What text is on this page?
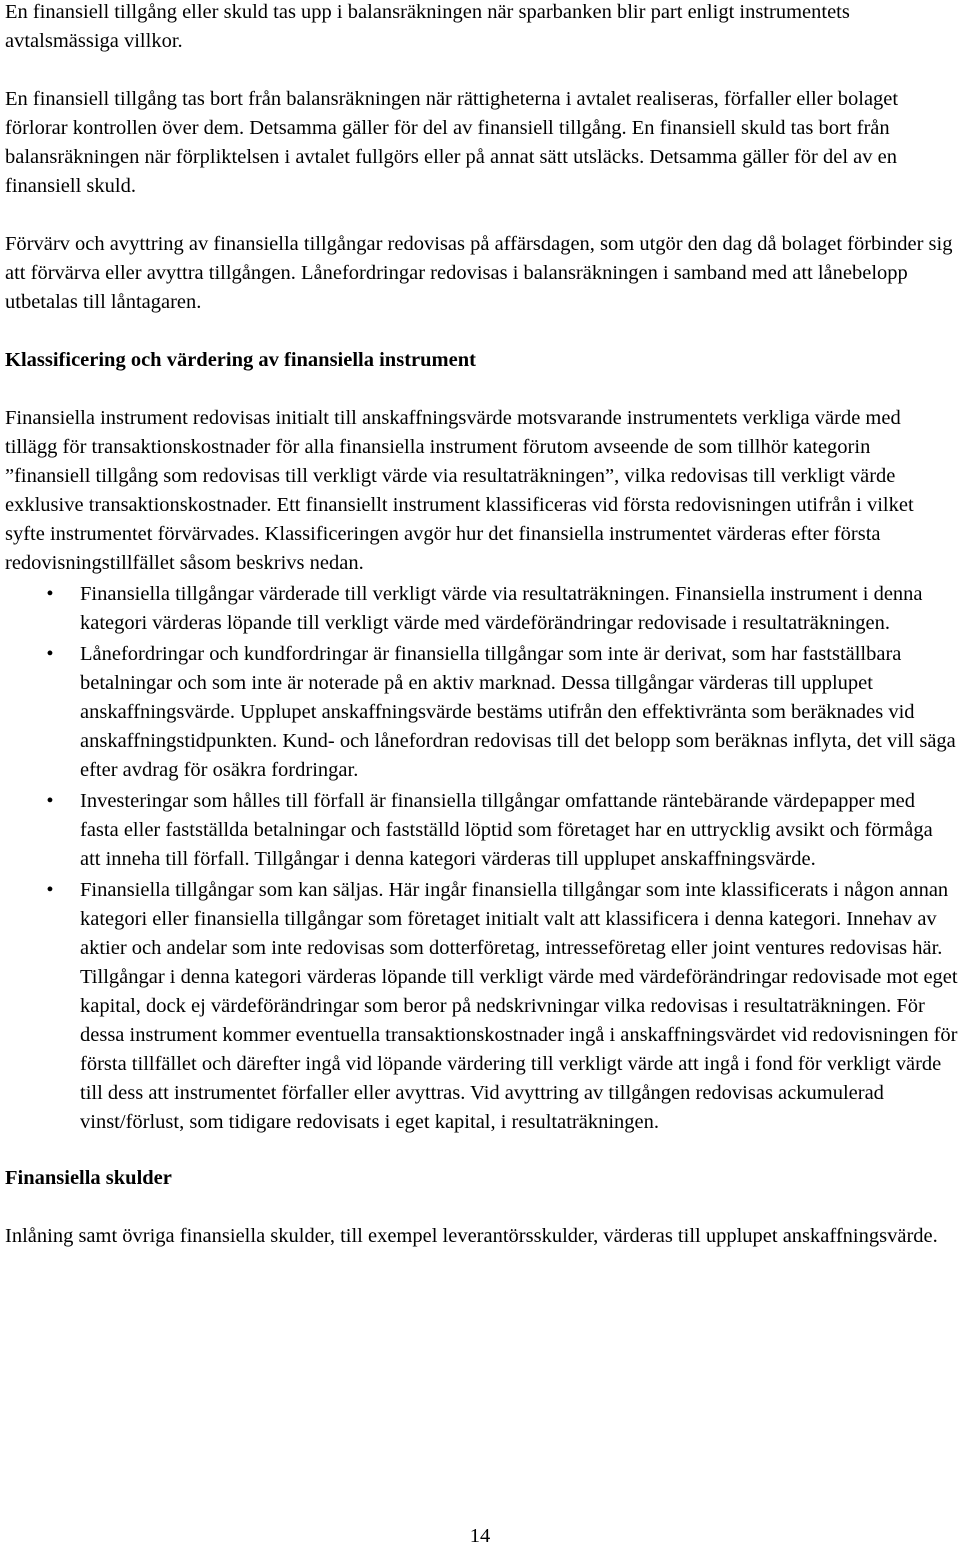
En finansiell tillgång eller skuld tas upp i balansräkningen när sparbanken blir part enligt instrumentets avtalsmässiga villkor.

En finansiell tillgång tas bort från balansräkningen när rättigheterna i avtalet realiseras, förfaller eller bolaget förlorar kontrollen över dem. Detsamma gäller för del av finansiell tillgång. En finansiell skuld tas bort från balansräkningen när förpliktelsen i avtalet fullgörs eller på annat sätt utsläcks. Detsamma gäller för del av en finansiell skuld.

Förvärv och avyttring av finansiella tillgångar redovisas på affärsdagen, som utgör den dag då bolaget förbinder sig att förvärva eller avyttra tillgången. Lånefordringar redovisas i balansräkningen i samband med att lånebelopp utbetalas till låntagaren.

Klassificering och värdering av finansiella instrument

Finansiella instrument redovisas initialt till anskaffningsvärde motsvarande instrumentets verkliga värde med tillägg för transaktionskostnader för alla finansiella instrument förutom avseende de som tillhör kategorin ”finansiell tillgång som redovisas till verkligt värde via resultaträkningen”, vilka redovisas till verkligt värde exklusive transaktionskostnader. Ett finansiellt instrument klassificeras vid första redovisningen utifrån i vilket syfte instrumentet förvärvades. Klassificeringen avgör hur det finansiella instrumentet värderas efter första redovisningstillfället såsom beskrivs nedan.

• Finansiella tillgångar värderade till verkligt värde via resultaträkningen. Finansiella instrument i denna kategori värderas löpande till verkligt värde med värdeförändringar redovisade i resultaträkningen.
• Lånefordringar och kundfordringar är finansiella tillgångar som inte är derivat, som har fastställbara betalningar och som inte är noterade på en aktiv marknad. Dessa tillgångar värderas till upplupet anskaffningsvärde. Upplupet anskaffningsvärde bestäms utifrån den effektivränta som beräknades vid anskaffningstidpunkten. Kund- och lånefordran redovisas till det belopp som beräknas inflyta, det vill säga efter avdrag för osäkra fordringar.
• Investeringar som hålles till förfall är finansiella tillgångar omfattande räntebärande värdepapper med fasta eller fastställda betalningar och fastställd löptid som företaget har en uttrycklig avsikt och förmåga att inneha till förfall. Tillgångar i denna kategori värderas till upplupet anskaffningsvärde.
• Finansiella tillgångar som kan säljas. Här ingår finansiella tillgångar som inte klassificerats i någon annan kategori eller finansiella tillgångar som företaget initialt valt att klassificera i denna kategori. Innehav av aktier och andelar som inte redovisas som dotterföretag, intresseföretag eller joint ventures redovisas här. Tillgångar i denna kategori värderas löpande till verkligt värde med värdeförändringar redovisade mot eget kapital, dock ej värdeförändringar som beror på nedskrivningar vilka redovisas i resultaträkningen. För dessa instrument kommer eventuella transaktionskostnader ingå i anskaffningsvärdet vid redovisningen för första tillfället och därefter ingå vid löpande värdering till verkligt värde att ingå i fond för verkligt värde till dess att instrumentet förfaller eller avyttras. Vid avyttring av tillgången redovisas ackumulerad vinst/förlust, som tidigare redovisats i eget kapital, i resultaträkningen.
Finansiella skulder

Inlåning samt övriga finansiella skulder, till exempel leverantörsskulder, värderas till upplupet anskaffningsvärde.

14
